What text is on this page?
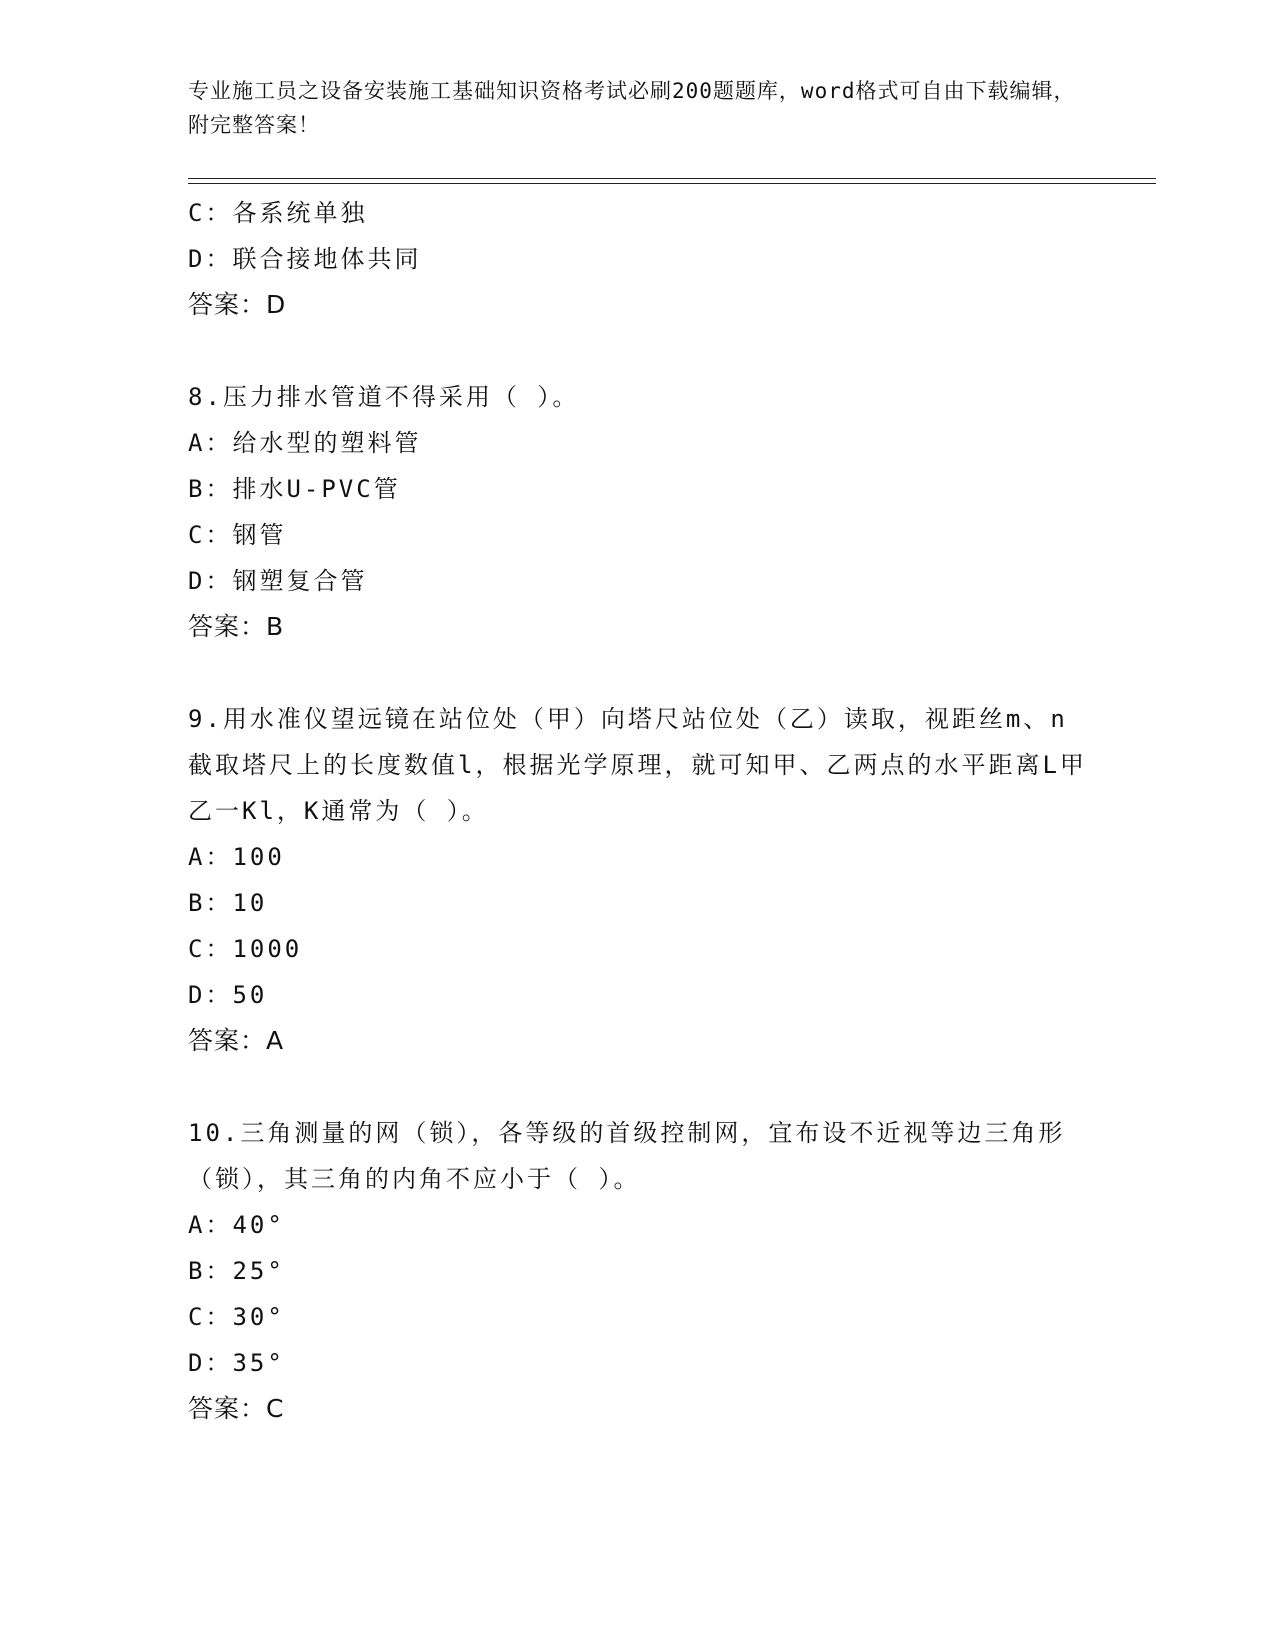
专业施工员之设备安装施工基础知识资格考试必刷200题题库，word格式可自由下载编辑，附完整答案！
C：各系统单独
D：联合接地体共同
答案：D
8.压力排水管道不得采用（ ）。
A：给水型的塑料管
B：排水U-PVC管
C：钢管
D：钢塑复合管
答案：B
9.用水准仪望远镜在站位处（甲）向塔尺站位处（乙）读取，视距丝m、n截取塔尺上的长度数值l，根据光学原理，就可知甲、乙两点的水平距离L甲乙一Kl，K通常为（ ）。
A：100
B：10
C：1000
D：50
答案：A
10.三角测量的网（锁），各等级的首级控制网，宜布设不近视等边三角形（锁），其三角的内角不应小于（ ）。
A：40°
B：25°
C：30°
D：35°
答案：C
